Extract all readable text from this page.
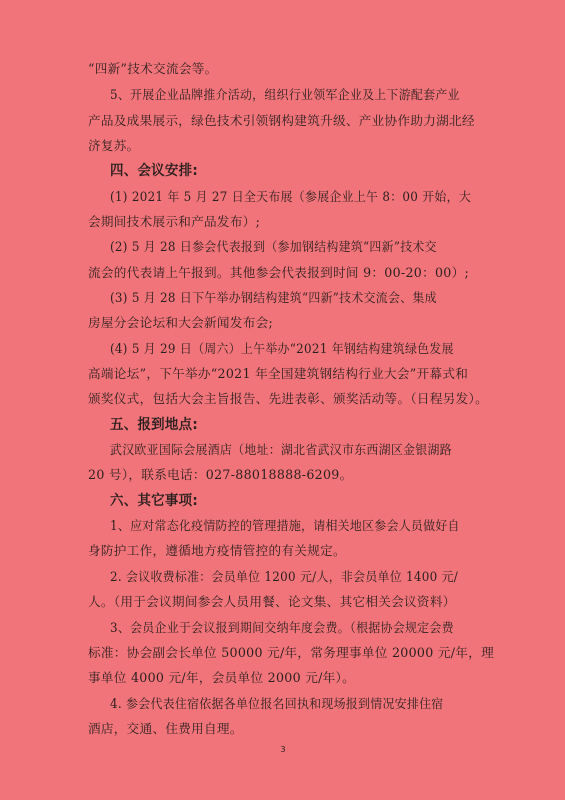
“四新”技术交流会等。
5、开展企业品牌推介活动，组织行业领军企业及上下游配套产业
产品及成果展示，绿色技术引领钢构建筑升级、产业协作助力湖北经
济复苏。
四、会议安排:
(1) 2021 年 5 月 27 日全天布展（参展企业上午 8：00 开始，大
会期间技术展示和产品发布）;
(2) 5 月 28 日参会代表报到（参加钢结构建筑“四新”技术交
流会的代表请上午报到。其他参会代表报到时间 9：00-20：00）;
(3) 5 月 28 日下午举办钢结构建筑“四新”技术交流会、集成
房屋分会论坛和大会新闻发布会;
(4) 5 月 29 日（周六）上午举办“2021 年钢结构建筑绿色发展
高端论坛”，下午举办“2021 年全国建筑钢结构行业大会”开幕式和
颁奖仪式，包括大会主旨报告、先进表彰、颁奖活动等。（日程另发）。
五、报到地点:
武汉欧亚国际会展酒店（地址：湖北省武汉市东西湖区金银湖路
20 号），联系电话：027-88018888-6209。
六、其它事项:
1、应对常态化疫情防控的管理措施，请相关地区参会人员做好自
身防护工作，遵循地方疫情管控的有关规定。
2. 会议收费标准：会员单位 1200 元/人，非会员单位 1400 元/
人。（用于会议期间参会人员用餐、论文集、其它相关会议资料）
3、会员企业于会议报到期间交纳年度会费。（根据协会规定会费
标准：协会副会长单位 50000 元/年，常务理事单位 20000 元/年，理
事单位 4000 元/年，会员单位 2000 元/年）。
4. 参会代表住宿依据各单位报名回执和现场报到情况安排住宿
酒店，交通、住费用自理。
3
